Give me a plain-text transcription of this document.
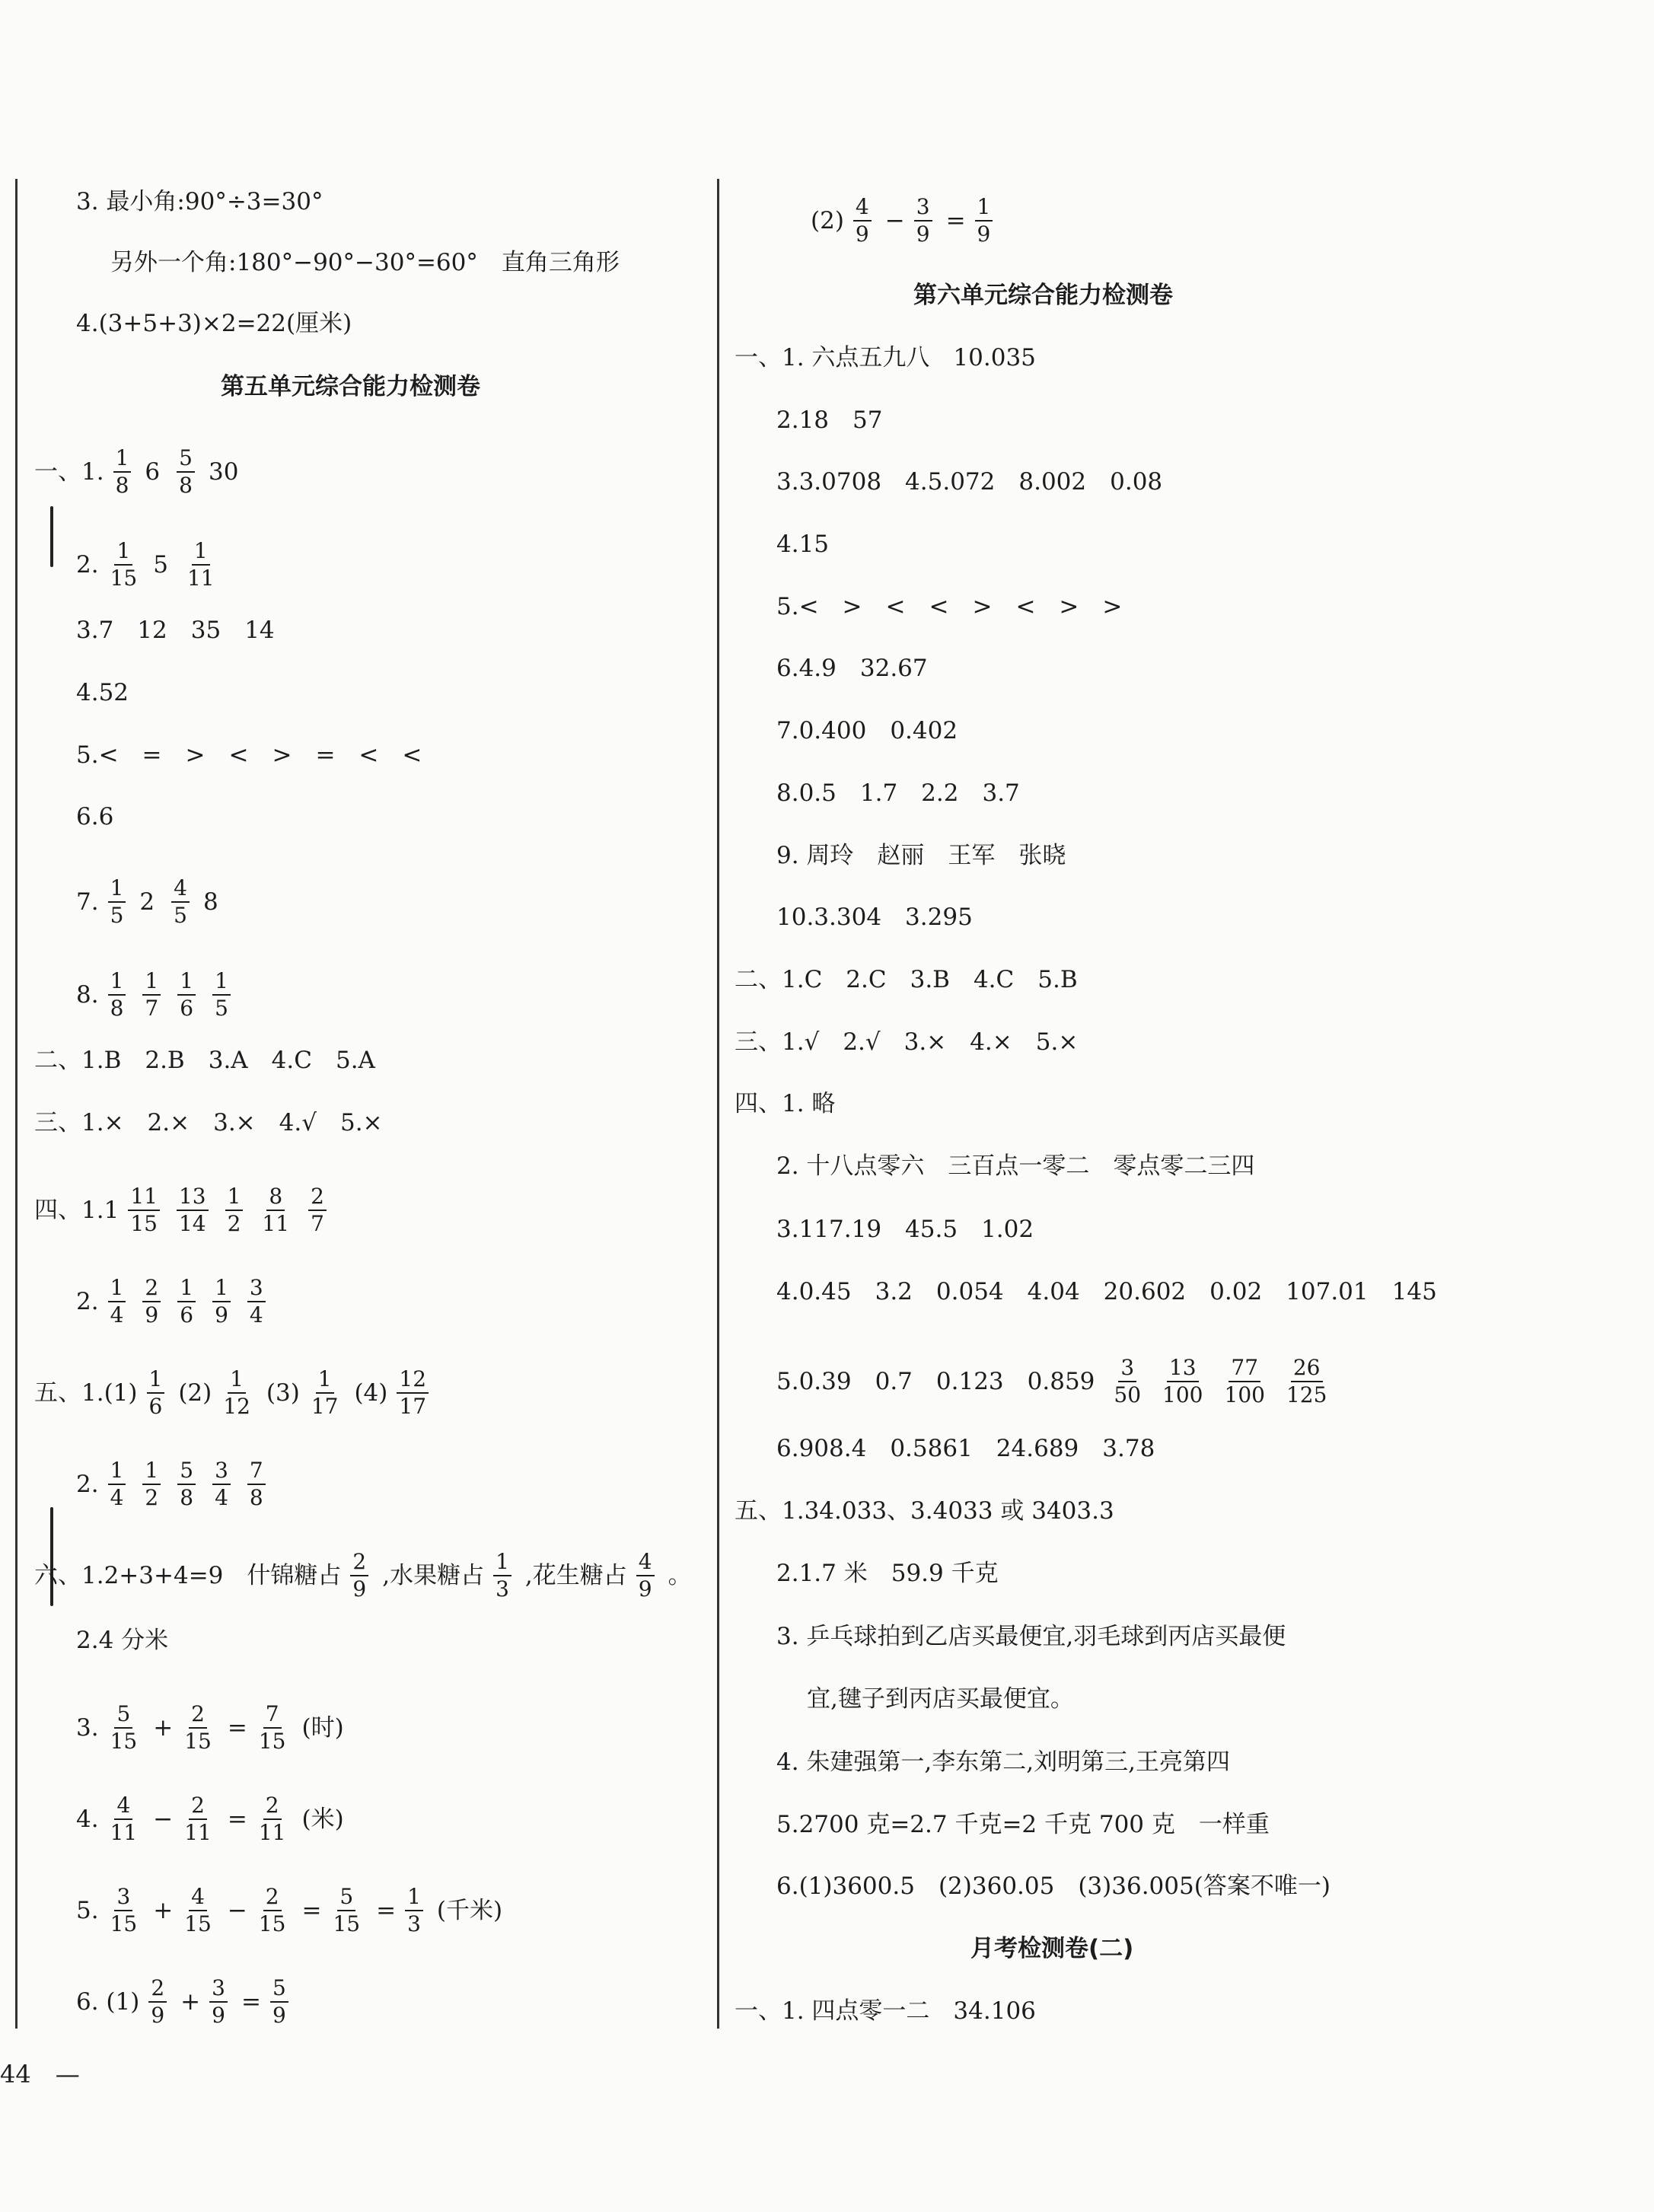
3. 最小角:90°÷3=30°
另外一个角:180°−90°−30°=60°　直角三角形
4.(3+5+3)×2=22(厘米)
第五单元综合能力检测卷
一、1.
1
8 6
5
8 30
2.
1
15 5
1
11
3.7　12　35　14
4.52
5.<　=　>　<　>　=　<　<
6.6
7.
1
5 2
4
5 8
8.
1
8
1
7
1
6
1
5
二、1.B　2.B　3.A　4.C　5.A
三、1.×　2.×　3.×　4.√　5.×
四、1.1
11
15
13
14
1
2
8
11
2
7
2.
1
4
2
9
1
6
1
9
3
4
五、1.(1)
1
6 (2)
1
12 (3)
1
17 (4)
12
17
2.
1
4
1
2
5
8
3
4
7
8
六、1.2+3+4=9　什锦糖占
2
9 ,水果糖占
1
3 ,花生糖占
4
9 。
2.4 分米
3.
5
$15 + \frac{2}{15} = \frac{7}{15}$ (时)
4.
4
$11 - \frac{2}{11} = \frac{2}{11}$ (米)
5.
3
$15 + \frac{4}{15} - \frac{2}{15} = \frac{5}{15} = \frac{1}{3}$ (千米)
6. (1)
2
$9 + \frac{3}{9} = \frac{5}{9}$
(2)
4
$9 - \frac{3}{9} = \frac{1}{9}$
第六单元综合能力检测卷
一、1. 六点五九八　10.035
2.18　57
3.3.0708　4.5.072　8.002　0.08
4.15
5.<　>　<　<　>　<　>　>
6.4.9　32.67
7.0.400　0.402
8.0.5　1.7　2.2　3.7
9. 周玲　赵丽　王军　张晓
10.3.304　3.295
二、1.C　2.C　3.B　4.C　5.B
三、1.√　2.√　3.×　4.×　5.×
四、1. 略
2. 十八点零六　三百点一零二　零点零二三四
3.117.19　45.5　1.02
4.0.45　3.2　0.054　4.04　20.602　0.02　107.01　145
5.0.39　0.7　0.123　0.859
3
50
13
100
77
100
26
125
6.908.4　0.5861　24.689　3.78
五、1.34.033、3.4033 或 3403.3
2.1.7 米　59.9 千克
3. 乒乓球拍到乙店买最便宜,羽毛球到丙店买最便
宜,毽子到丙店买最便宜。
4. 朱建强第一,李东第二,刘明第三,王亮第四
5.2700 克=2.7 千克=2 千克 700 克　一样重
6.(1)3600.5　(2)360.05　(3)36.005(答案不唯一)
月考检测卷(二)
一、1. 四点零一二　34.106
44　—
